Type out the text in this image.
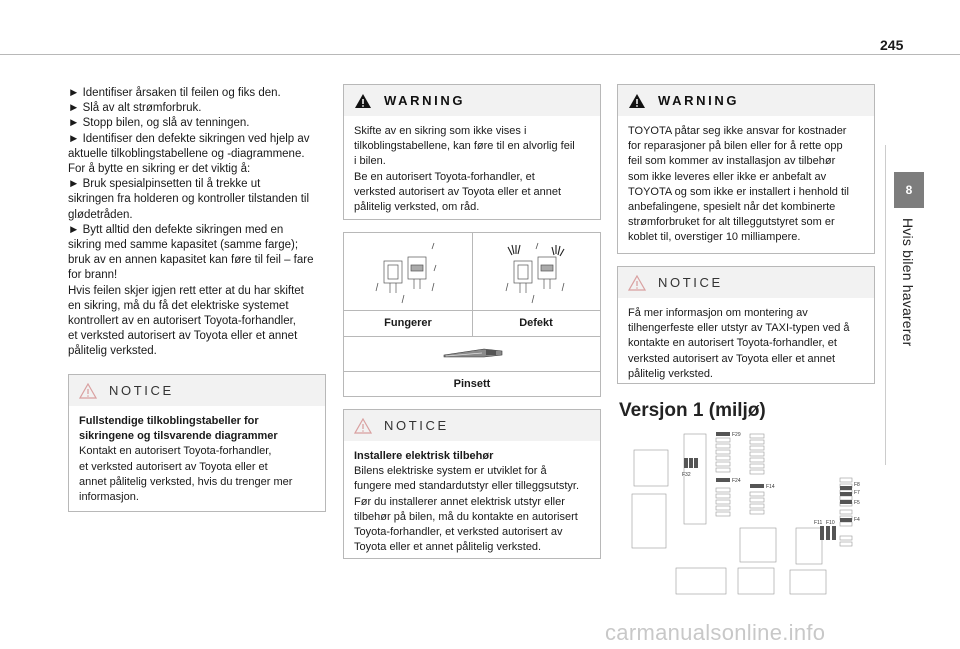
245
8
Hvis bilen havarerer
► Identifiser årsaken til feilen og fiks den.
► Slå av alt strømforbruk.
► Stopp bilen, og slå av tenningen.
► Identifiser den defekte sikringen ved hjelp av
aktuelle tilkoblingstabellene og -diagrammene.
For å bytte en sikring er det viktig å:
► Bruk spesialpinsetten til å trekke ut
sikringen fra holderen og kontroller tilstanden til
glødetråden.
► Bytt alltid den defekte sikringen med en
sikring med samme kapasitet (samme farge);
bruk av en annen kapasitet kan føre til feil – fare
for brann!
Hvis feilen skjer igjen rett etter at du har skiftet
en sikring, må du få det elektriske systemet
kontrollert av en autorisert Toyota-forhandler,
et verksted autorisert av Toyota eller et annet
pålitelig verksted.
NOTICE
Fullstendige tilkoblingstabeller for
sikringene og tilsvarende diagrammer
Kontakt en autorisert Toyota-forhandler,
et verksted autorisert av Toyota eller et
annet pålitelig verksted, hvis du trenger mer
informasjon.
WARNING
Skifte av en sikring som ikke vises i
tilkoblingstabellene, kan føre til en alvorlig feil
i bilen.
Be en autorisert Toyota-forhandler, et
verksted autorisert av Toyota eller et annet
pålitelig verksted, om råd.
Fungerer	Defekt
Pinsett
NOTICE
Installere elektrisk tilbehør
Bilens elektriske system er utviklet for å
fungere med standardutstyr eller tilleggsutstyr.
Før du installerer annet elektrisk utstyr eller
tilbehør på bilen, må du kontakte en autorisert
Toyota-forhandler, et verksted autorisert av
Toyota eller et annet pålitelig verksted.
WARNING
TOYOTA påtar seg ikke ansvar for kostnader
for reparasjoner på bilen eller for å rette opp
feil som kommer av installasjon av tilbehør
som ikke leveres eller ikke er anbefalt av
TOYOTA og som ikke er installert i henhold til
anbefalingene, spesielt når det kombinerte
strømforbruket for alt tilleggutstyret som er
koblet til, overstiger 10 milliampere.
NOTICE
Få mer informasjon om montering av
tilhengerfeste eller utstyr av TAXI-typen ved å
kontakte en autorisert Toyota-forhandler, et
verksted autorisert av Toyota eller et annet
pålitelig verksted.
Versjon 1 (miljø)
F29
F32
F24
F14	F8
F7
F5
F4
F11 F10
carmanualsonline.info
